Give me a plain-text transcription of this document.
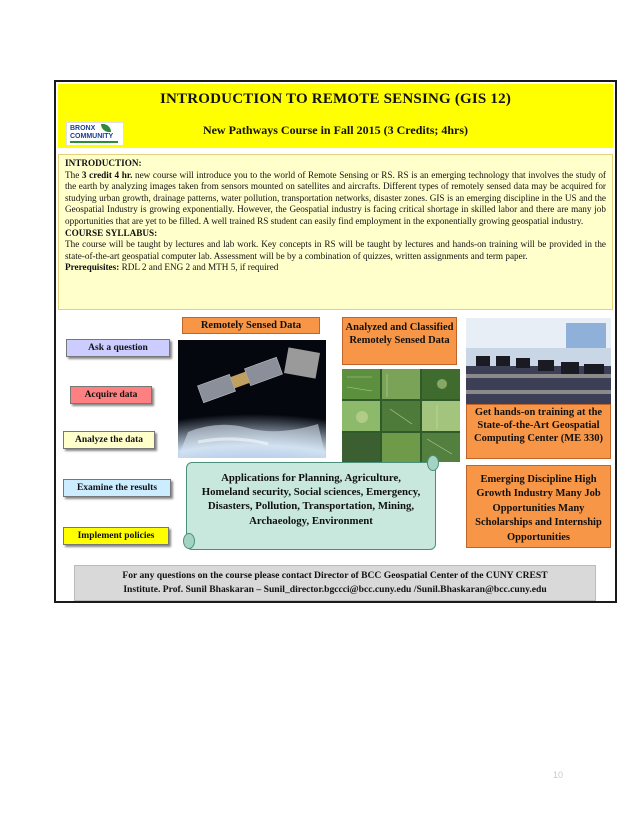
INTRODUCTION TO REMOTE SENSING (GIS 12)
BRONX
COMMUNITY	New Pathways Course in Fall 2015 (3 Credits; 4hrs)
INTRODUCTION:
The 3 credit 4 hr. new course will introduce you to the world of Remote Sensing or RS. RS is an emerging technology that involves the study of the earth by analyzing images taken from sensors mounted on satellites and aircrafts. Different types of remotely sensed data may be acquired for studying urban growth, drainage patterns, water pollution, transportation networks, disaster zones. GIS is an emerging discipline in the US and the Geospatial Industry is growing exponentially. However, the Geospatial industry is facing critical shortage in skilled labor and there are many job opportunities that are yet to be filled. A well trained RS student can easily find employment in the exponentially growing geospatial industry.
COURSE SYLLABUS:
The course will be taught by lectures and lab work. Key concepts in RS will be taught by lectures and hands-on training will be provided in the state-of-the-art geospatial computer lab. Assessment will be by a combination of quizzes, written assignments and term paper.
Prerequisites: RDL 2 and ENG 2 and MTH 5, if required
Ask a question
Acquire data
Analyze the data
Examine the results
Implement policies
Remotely Sensed Data	Analyzed and Classified Remotely Sensed Data
Get hands-on training at the State-of-the-Art Geospatial Computing Center (ME 330)
Emerging Discipline High Growth Industry Many Job Opportunities Many Scholarships and Internship Opportunities
Applications for Planning, Agriculture, Homeland security, Social sciences, Emergency, Disasters, Pollution, Transportation, Mining, Archaeology, Environment
For any questions on the course please contact Director of BCC Geospatial Center of the CUNY CREST
Institute. Prof. Sunil Bhaskaran – Sunil_director.bgccci@bcc.cuny.edu /Sunil.Bhaskaran@bcc.cuny.edu
10
